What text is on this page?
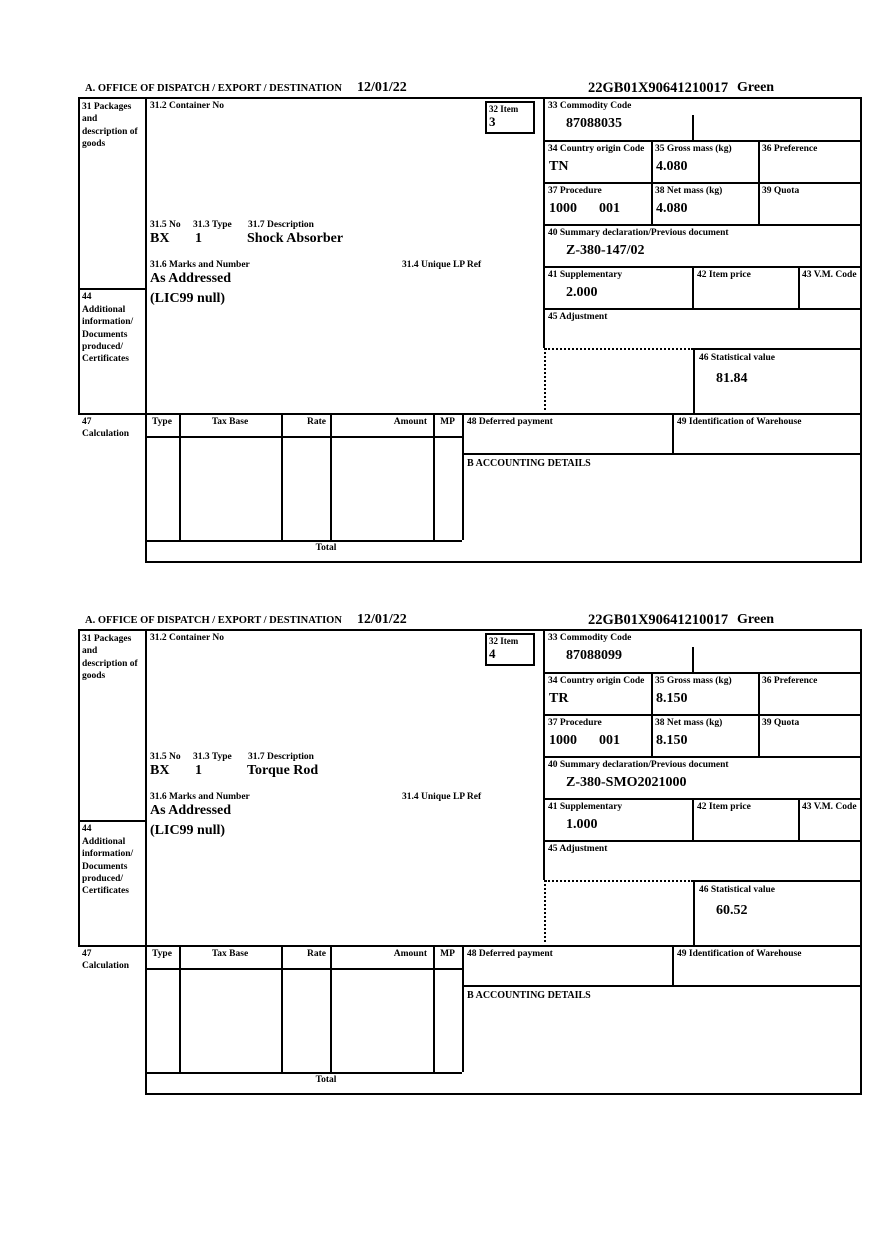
A. OFFICE OF DISPATCH / EXPORT / DESTINATION 12/01/22	22GB01X90641210017 Green
31 Packages and description of goods
44
Additional information/ Documents produced/ Certificates
31.2 Container No
31.5 No 31.3 Type 31.7 Description
BX 1	Shock Absorber
31.6 Marks and Number	31.4 Unique LP Ref
As Addressed
(LIC99 null)
32 Item
3
33 Commodity Code
87088035
34 Country origin Code
TN
35 Gross mass (kg)
4.080
36 Preference
37 Procedure
1000 001
38 Net mass (kg)
4.080
39 Quota
40 Summary declaration/Previous document
Z-380-147/02
41 Supplementary
2.000
42 Item price	43 V.M. Code
45 Adjustment
46 Statistical value
81.84
47
Calculation
Type	Tax Base	Rate	Amount	MP
Total
48 Deferred payment	49 Identification of Warehouse
B ACCOUNTING DETAILS
A. OFFICE OF DISPATCH / EXPORT / DESTINATION 12/01/22	22GB01X90641210017 Green
31 Packages and description of goods
44
Additional information/ Documents produced/ Certificates
31.2 Container No
31.5 No 31.3 Type 31.7 Description
BX 1	Torque Rod
31.6 Marks and Number	31.4 Unique LP Ref
As Addressed
(LIC99 null)
32 Item
4
33 Commodity Code
87088099
34 Country origin Code
TR
35 Gross mass (kg)
8.150
36 Preference
37 Procedure
1000 001
38 Net mass (kg)
8.150
39 Quota
40 Summary declaration/Previous document
Z-380-SMO2021000
41 Supplementary
1.000
42 Item price	43 V.M. Code
45 Adjustment
46 Statistical value
60.52
47
Calculation
Type	Tax Base	Rate	Amount	MP
Total
48 Deferred payment	49 Identification of Warehouse
B ACCOUNTING DETAILS
